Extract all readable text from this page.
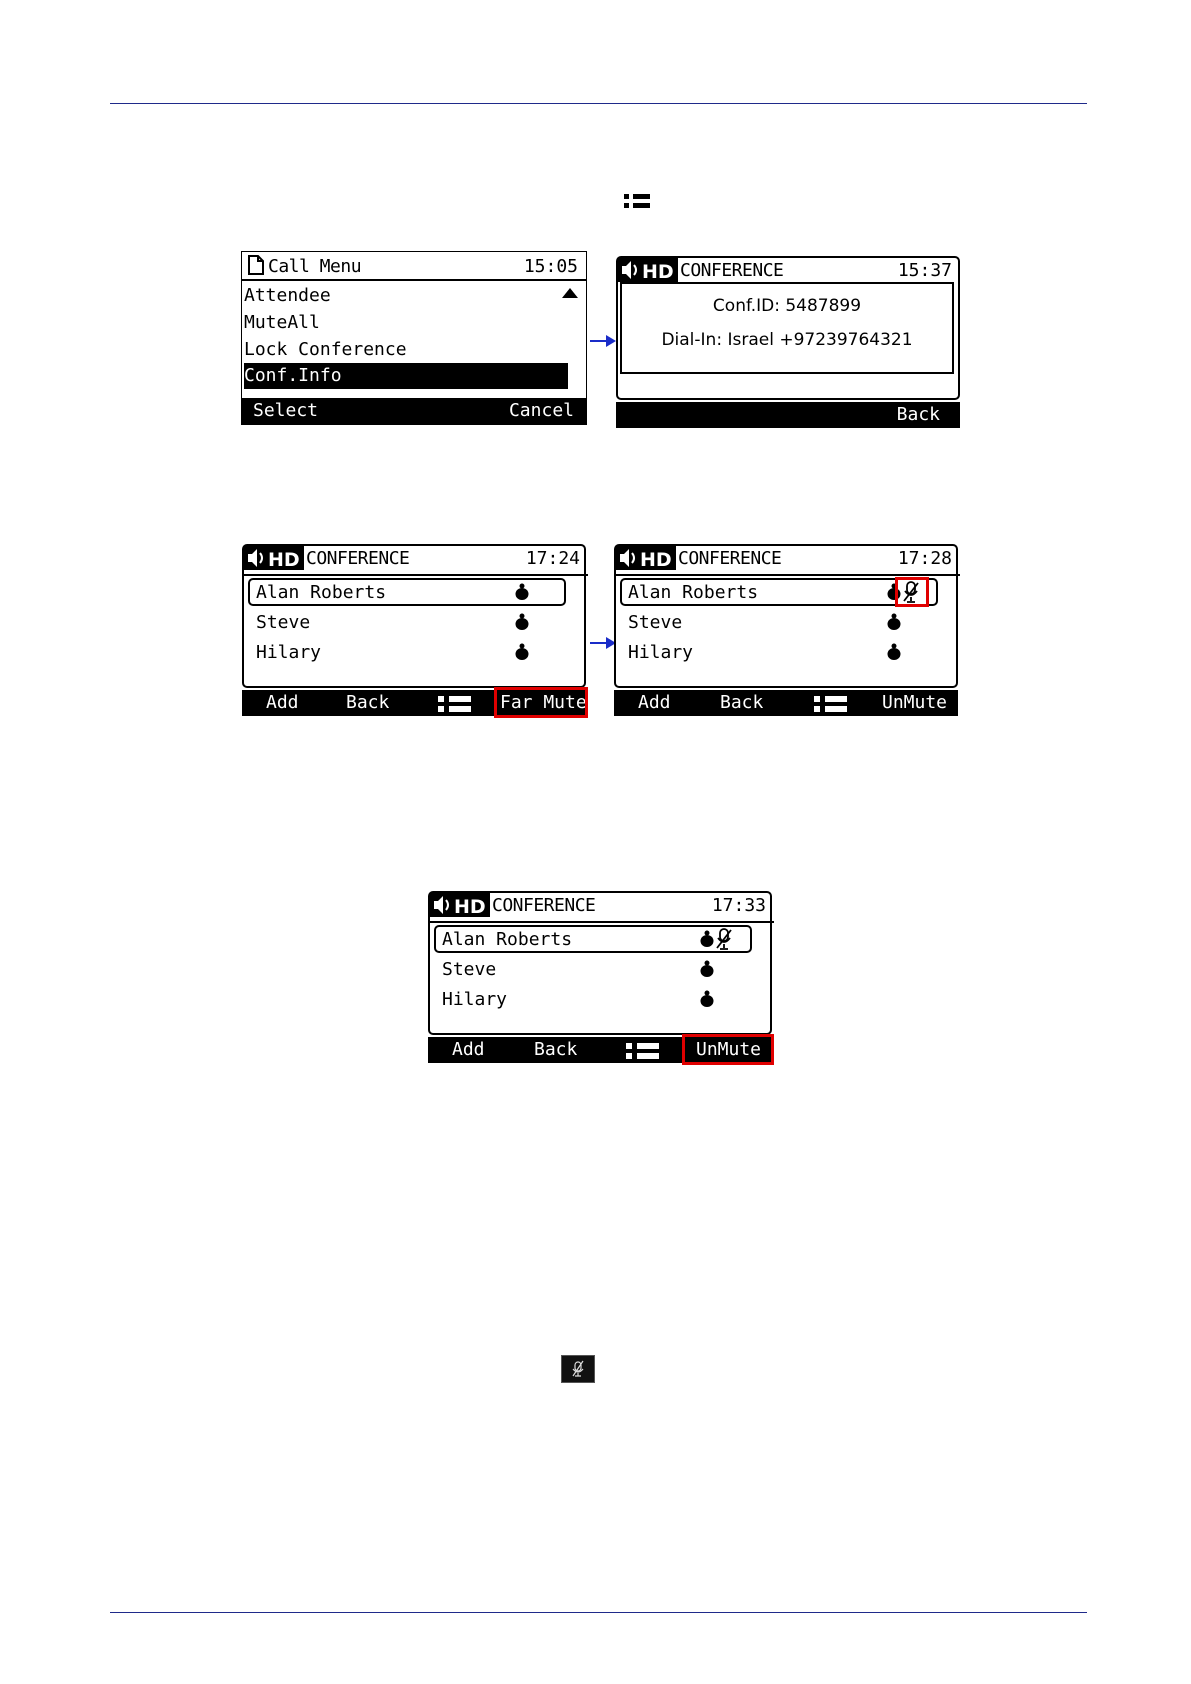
Call Menu	15:05
Attendee
MuteAll
Lock Conference
Conf.Info
Select	Cancel
HD CONFERENCE	15:37
Conf.ID: 5487899
Dial-In: Israel +97239764321
Back
HD CONFERENCE	17:24
Alan Roberts
Steve
Hilary
Add	Back	Far Mute
HD CONFERENCE	17:28
Alan Roberts
Steve
Hilary
Add	Back	UnMute
HD CONFERENCE	17:33
Alan Roberts
Steve
Hilary
Add	Back	UnMute
